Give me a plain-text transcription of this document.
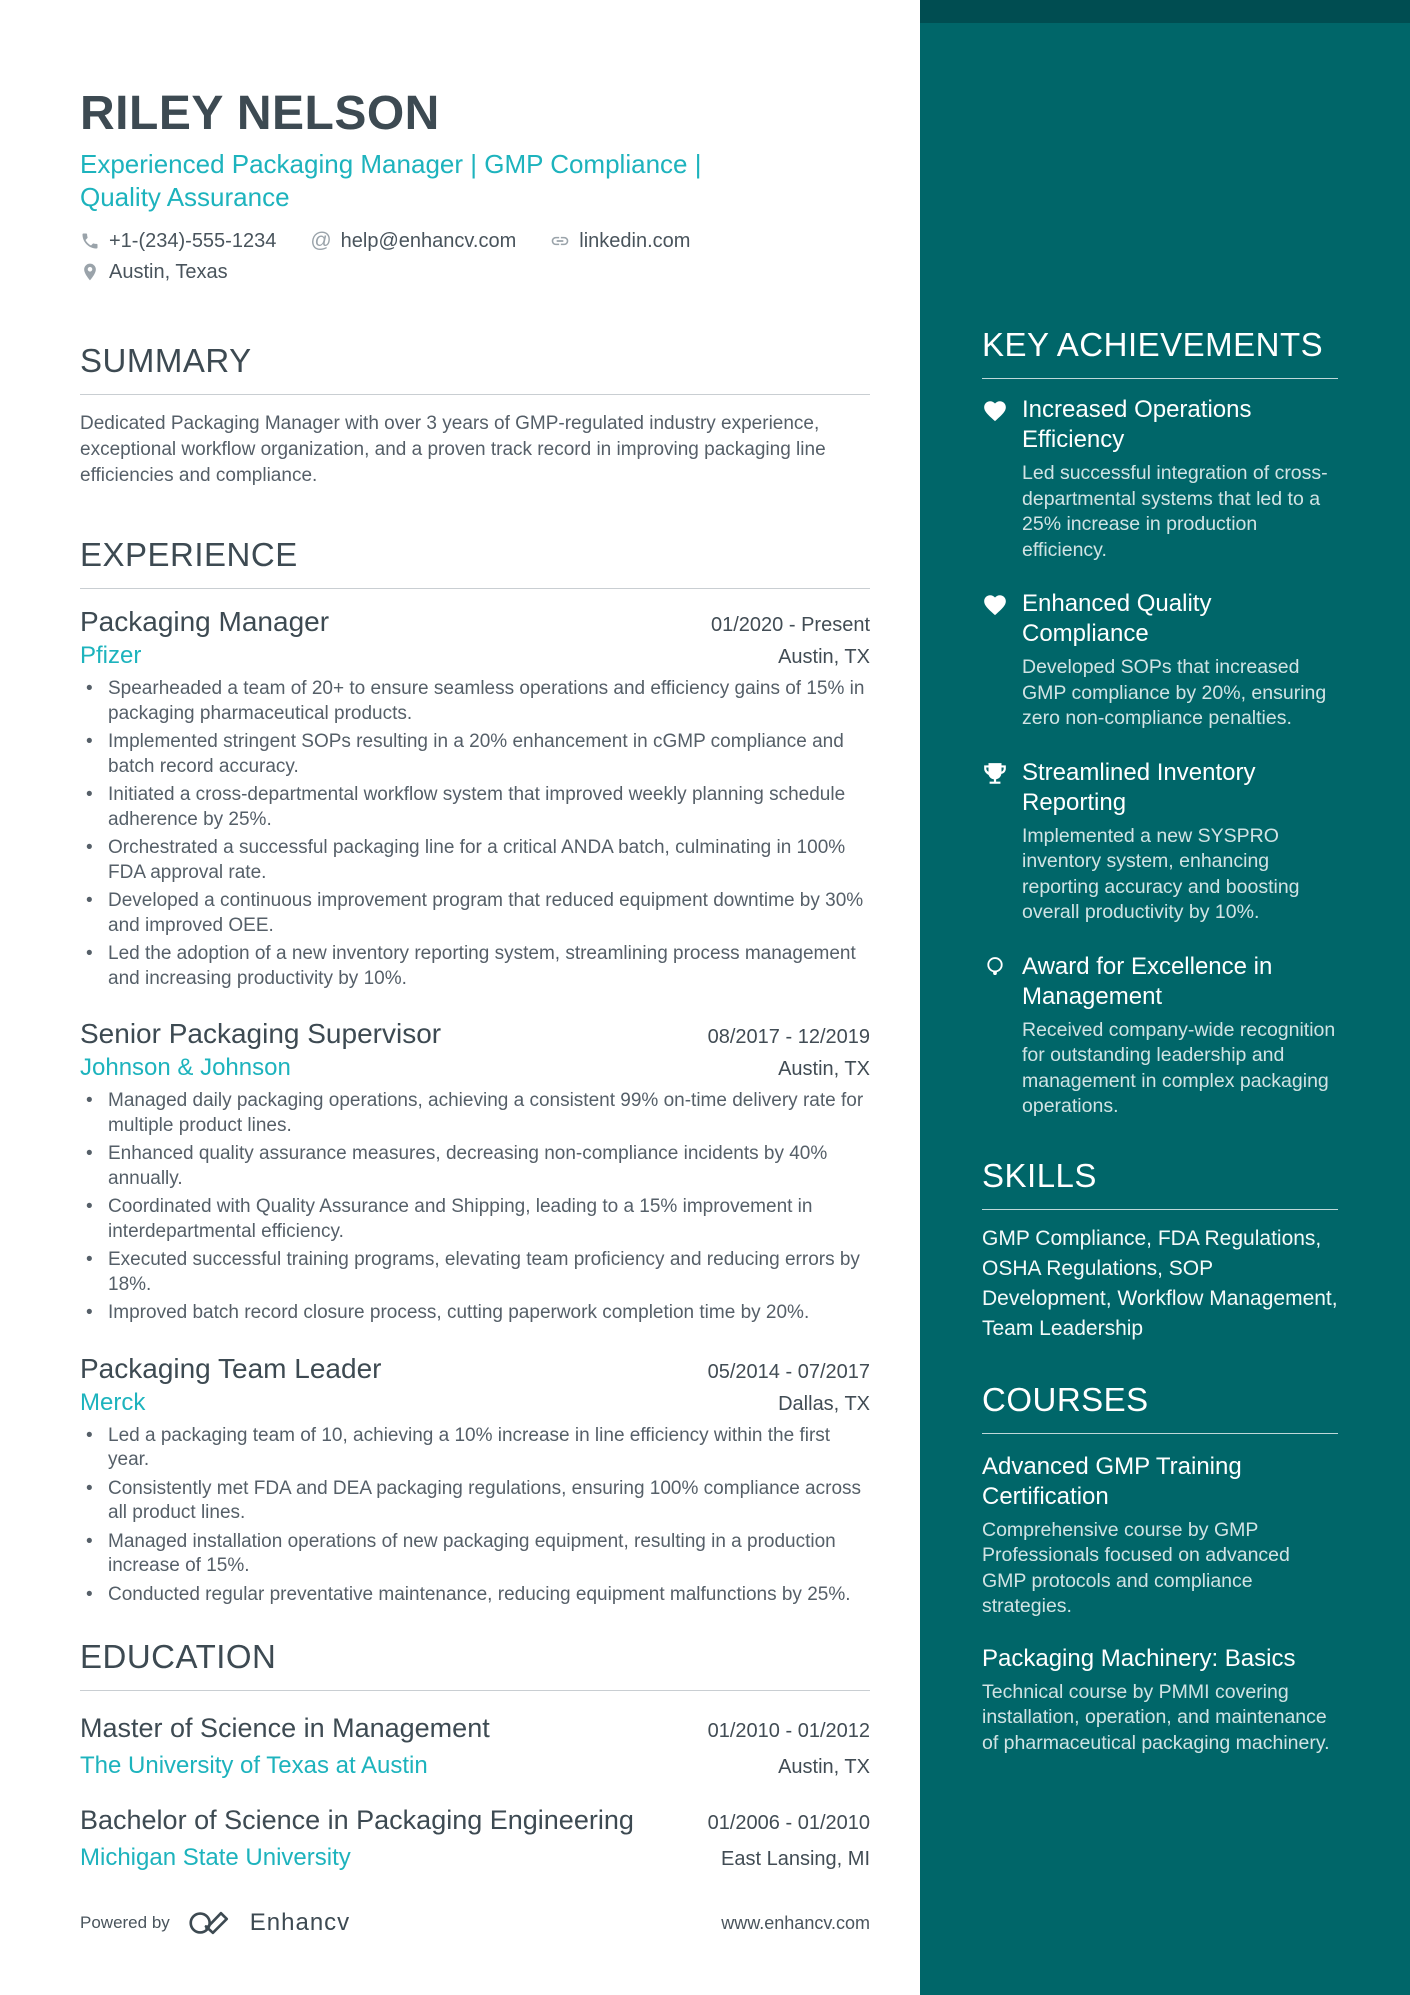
KEY ACHIEVEMENTS
Increased Operations Efficiency

Led successful integration of cross-departmental systems that led to a 25% increase in production efficiency.

Enhanced Quality Compliance

Developed SOPs that increased GMP compliance by 20%, ensuring zero non-compliance penalties.

Streamlined Inventory Reporting

Implemented a new SYSPRO inventory system, enhancing reporting accuracy and boosting overall productivity by 10%.

Award for Excellence in Management

Received company-wide recognition for outstanding leadership and management in complex packaging operations.

SKILLS

GMP Compliance, FDA Regulations, OSHA Regulations, SOP Development, Workflow Management, Team Leadership

COURSES
Advanced GMP Training Certification

Comprehensive course by GMP Professionals focused on advanced GMP protocols and compliance strategies.

Packaging Machinery: Basics

Technical course by PMMI covering installation, operation, and maintenance of pharmaceutical packaging machinery.

RILEY NELSON
Experienced Packaging Manager | GMP Compliance | Quality Assurance
+1-(234)-555-1234 @ help@enhancv.com	linkedin.com
Austin, Texas
SUMMARY

Dedicated Packaging Manager with over 3 years of GMP-regulated industry experience, exceptional workflow organization, and a proven track record in improving packaging line efficiencies and compliance.

EXPERIENCE
Packaging Manager	01/2020 - Present
Pfizer	Austin, TX
• Spearheaded a team of 20+ to ensure seamless operations and efficiency gains of 15% in packaging pharmaceutical products.
• Implemented stringent SOPs resulting in a 20% enhancement in cGMP compliance and batch record accuracy.
• Initiated a cross-departmental workflow system that improved weekly planning schedule adherence by 25%.
• Orchestrated a successful packaging line for a critical ANDA batch, culminating in 100% FDA approval rate.
• Developed a continuous improvement program that reduced equipment downtime by 30% and improved OEE.
• Led the adoption of a new inventory reporting system, streamlining process management and increasing productivity by 10%.
Senior Packaging Supervisor	08/2017 - 12/2019
Johnson & Johnson	Austin, TX
• Managed daily packaging operations, achieving a consistent 99% on-time delivery rate for multiple product lines.
• Enhanced quality assurance measures, decreasing non-compliance incidents by 40% annually.
• Coordinated with Quality Assurance and Shipping, leading to a 15% improvement in interdepartmental efficiency.
• Executed successful training programs, elevating team proficiency and reducing errors by 18%.
• Improved batch record closure process, cutting paperwork completion time by 20%.
Packaging Team Leader	05/2014 - 07/2017
Merck	Dallas, TX
• Led a packaging team of 10, achieving a 10% increase in line efficiency within the first year.
• Consistently met FDA and DEA packaging regulations, ensuring 100% compliance across all product lines.
• Managed installation operations of new packaging equipment, resulting in a production increase of 15%.
• Conducted regular preventative maintenance, reducing equipment malfunctions by 25%.
EDUCATION
Master of Science in Management	01/2010 - 01/2012
The University of Texas at Austin	Austin, TX
Bachelor of Science in Packaging Engineering	01/2006 - 01/2010
Michigan State University	East Lansing, MI
Powered by	Enhancv	www.enhancv.com
